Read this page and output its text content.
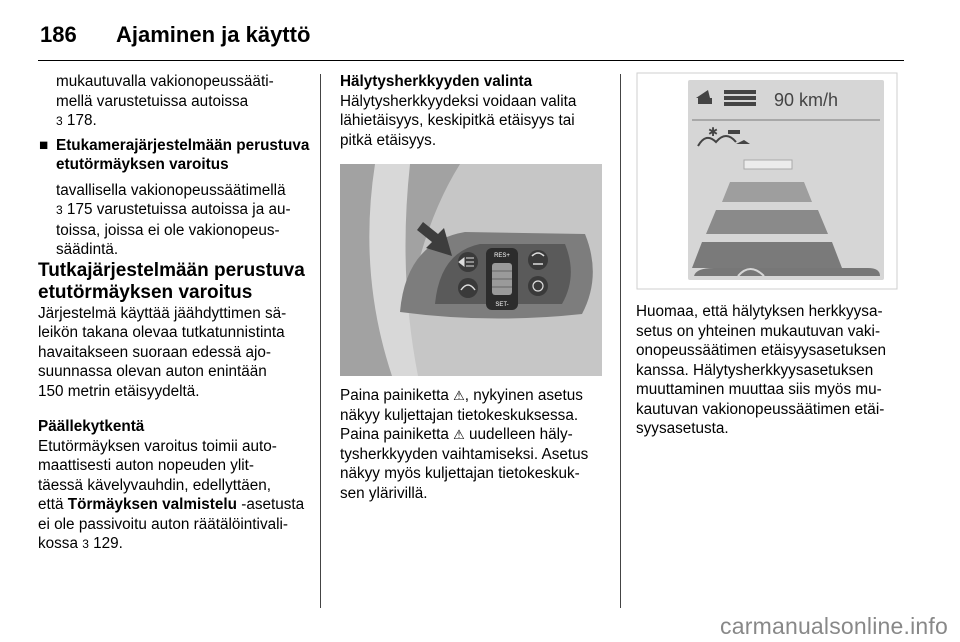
186 Ajaminen ja käyttö

mukautuvalla vakionopeussääti-

mellä varustetuissa autoissa

3 178.

■ Etukamerajärjestelmään perustuva

etutörmäyksen varoitus

tavallisella vakionopeussäätimellä

3 175 varustetuissa autoissa ja au-

toissa, joissa ei ole vakionopeus-

säädintä.

Tutkajärjestelmään perustuva
etutörmäyksen varoitus

Järjestelmä käyttää jäähdyttimen sä-

leikön takana olevaa tutkatunnistinta

havaitakseen suoraan edessä ajo-

suunnassa olevan auton enintään

150 metrin etäisyydeltä.

Päällekytkentä

Etutörmäyksen varoitus toimii auto-

maattisesti auton nopeuden ylit-

täessä kävelyvauhdin, edellyttäen,

että Törmäyksen valmistelu -asetusta

ei ole passivoitu auton räätälöintivali-

kossa 3 129.

Hälytysherkkyyden valinta

Hälytysherkkyydeksi voidaan valita

lähietäisyys, keskipitkä etäisyys tai

pitkä etäisyys.

RES+
SET-

Paina painiketta ⚠, nykyinen asetus

näkyy kuljettajan tietokeskuksessa.

Paina painiketta ⚠ uudelleen häly-

tysherkkyyden vaihtamiseksi. Asetus

näkyy myös kuljettajan tietokeskuk-

sen ylärivillä.

90 km/h
✱

Huomaa, että hälytyksen herkkyysa-

setus on yhteinen mukautuvan vaki-

onopeussäätimen etäisyysasetuksen

kanssa. Hälytysherkkyysasetuksen

muuttaminen muuttaa siis myös mu-

kautuvan vakionopeussäätimen etäi-

syysasetusta.

carmanualsonline.info
